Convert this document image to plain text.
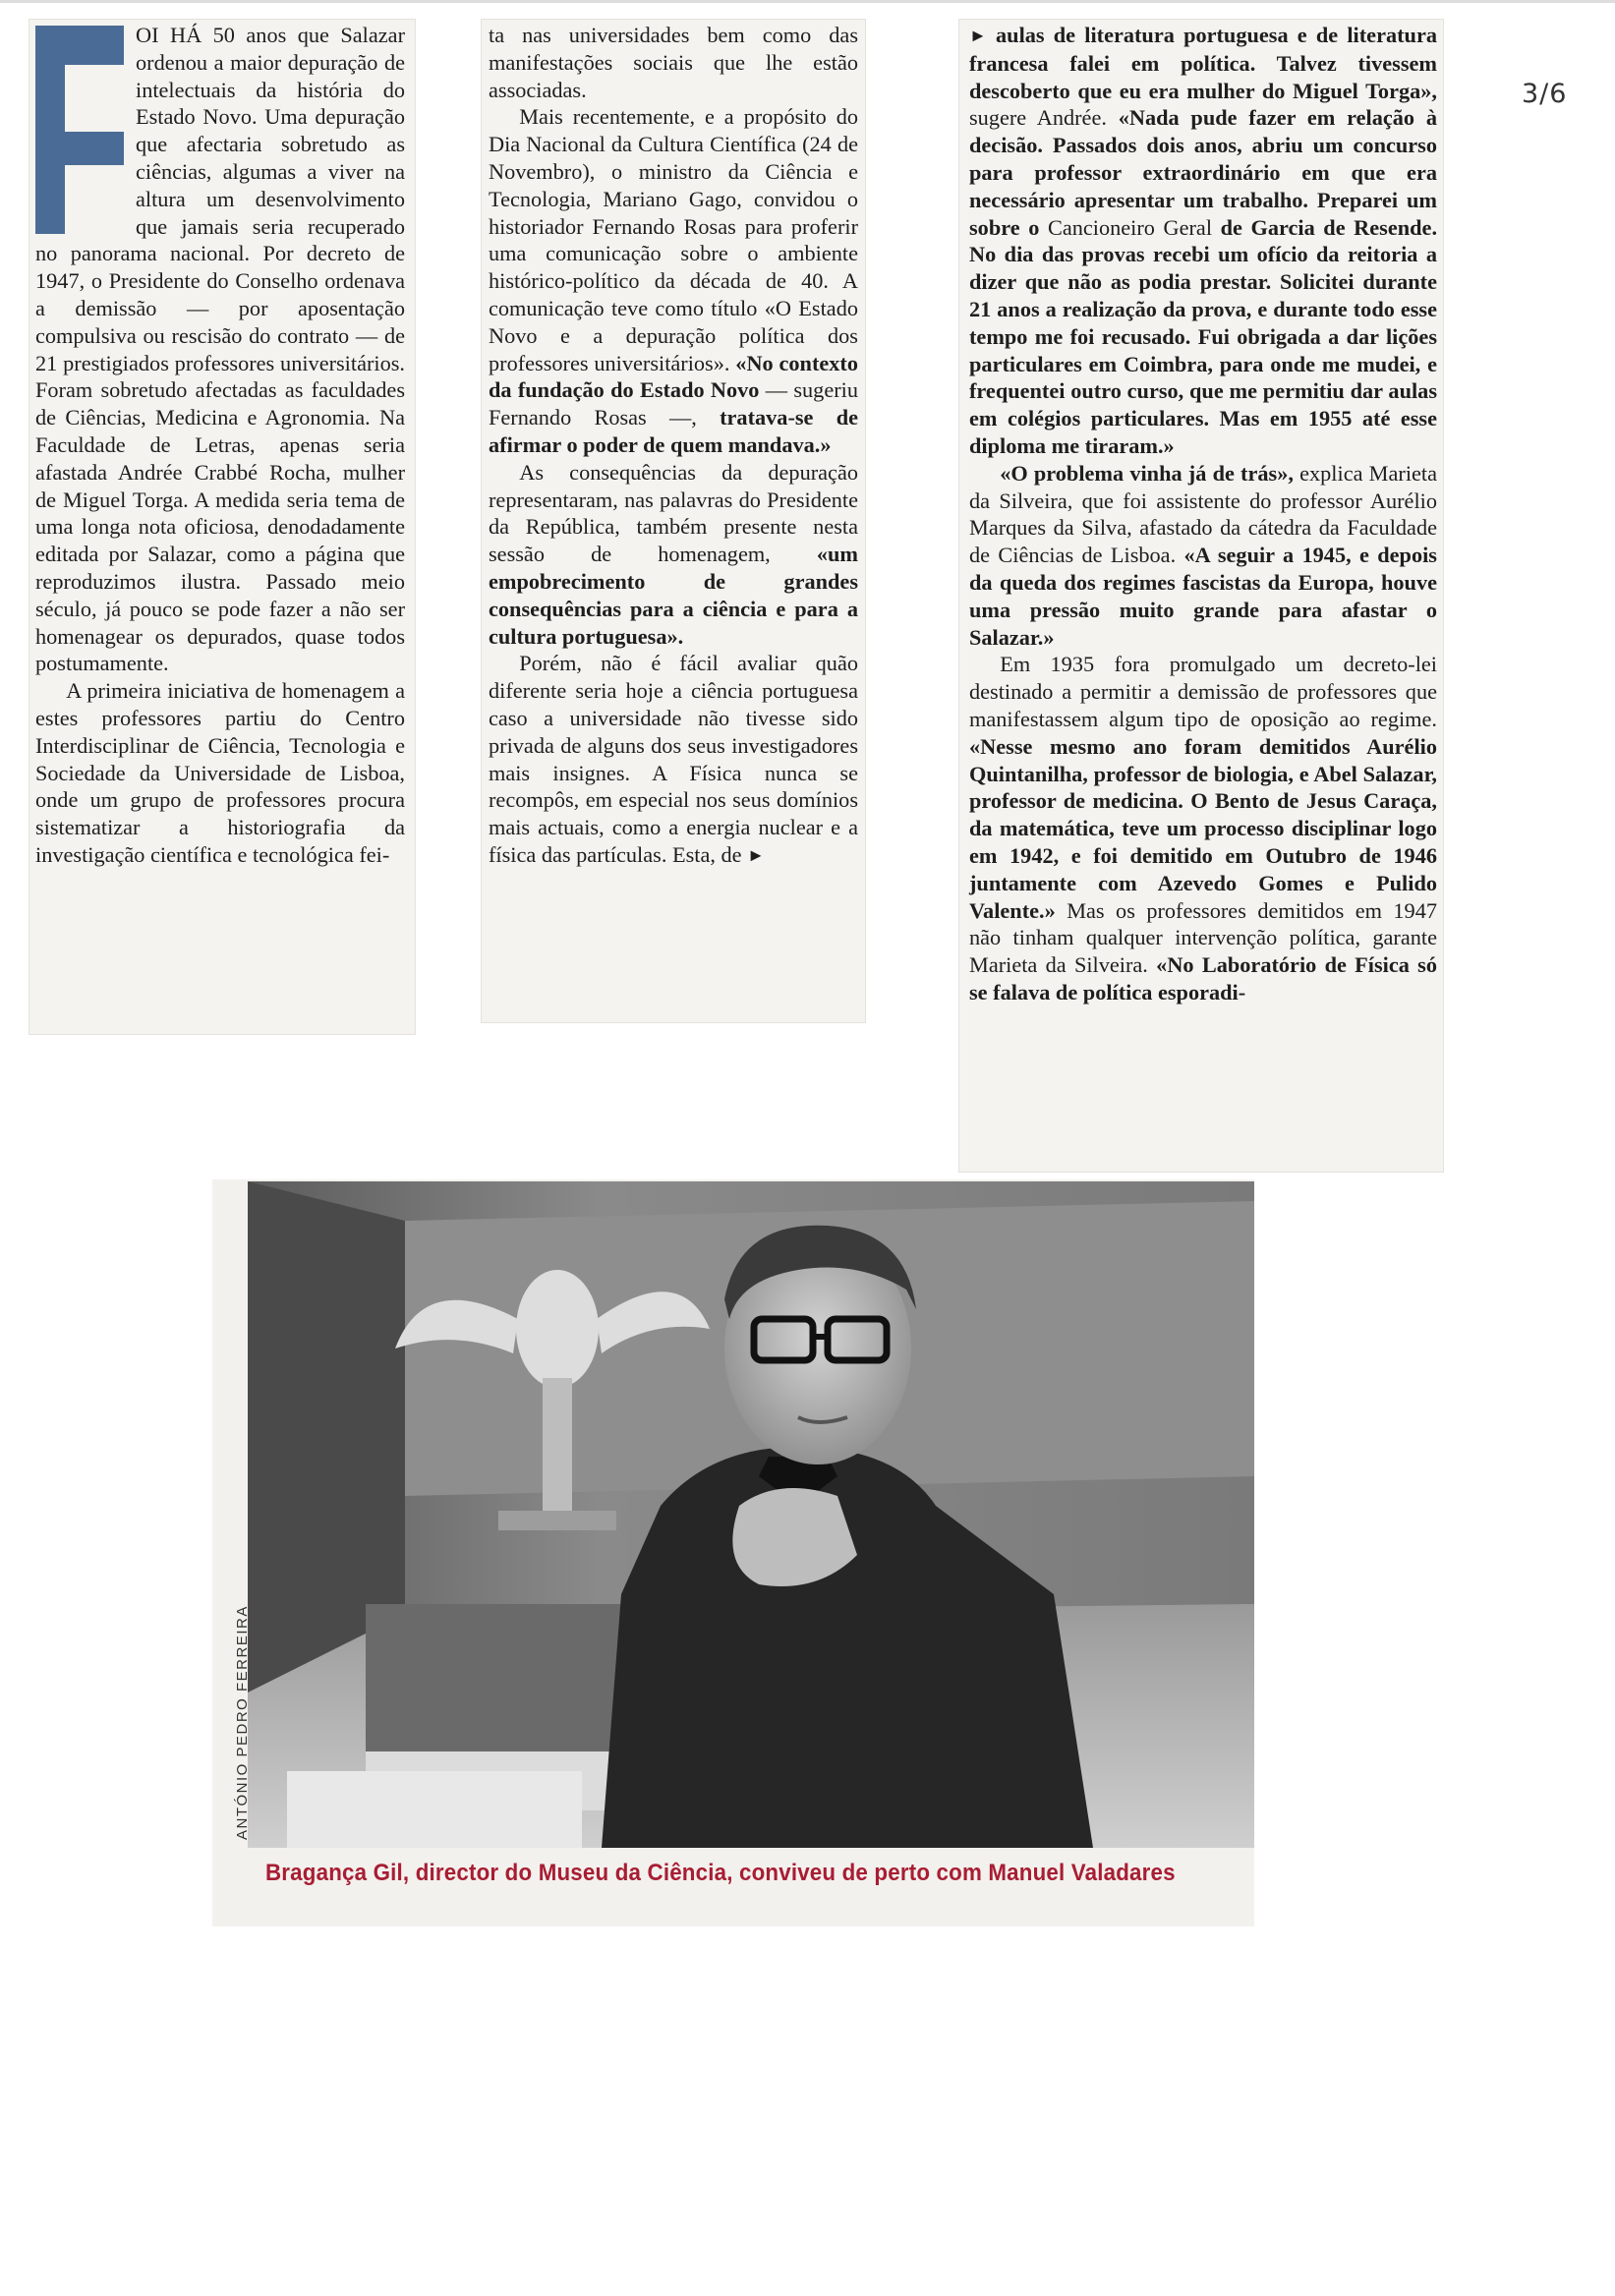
3/6

OI HÁ 50 anos que Salazar ordenou a maior depuração de intelectuais da história do Estado Novo. Uma depuração que afectaria sobretudo as ciências, algumas a viver na altura um desenvolvimento que jamais seria recuperado no panorama nacional. Por decreto de 1947, o Presidente do Conselho ordenava a demissão — por aposentação compulsiva ou rescisão do contrato — de 21 prestigiados professores universitários. Foram sobretudo afectadas as faculdades de Ciências, Medicina e Agronomia. Na Faculdade de Letras, apenas seria afastada Andrée Crabbé Rocha, mulher de Miguel Torga. A medida seria tema de uma longa nota oficiosa, denodadamente editada por Salazar, como a página que reproduzimos ilustra. Passado meio século, já pouco se pode fazer a não ser homenagear os depurados, quase todos postumamente.

A primeira iniciativa de homenagem a estes professores partiu do Centro Interdisciplinar de Ciência, Tecnologia e Sociedade da Universidade de Lisboa, onde um grupo de professores procura sistematizar a historiografia da investigação científica e tecnológica fei-

ta nas universidades bem como das manifestações sociais que lhe estão associadas.

Mais recentemente, e a propósito do Dia Nacional da Cultura Científica (24 de Novembro), o ministro da Ciência e Tecnologia, Mariano Gago, convidou o historiador Fernando Rosas para proferir uma comunicação sobre o ambiente histórico-político da década de 40. A comunicação teve como título «O Estado Novo e a depuração política dos professores universitários». «No contexto da fundação do Estado Novo — sugeriu Fernando Rosas —, tratava-se de afirmar o poder de quem mandava.»

As consequências da depuração representaram, nas palavras do Presidente da República, também presente nesta sessão de homenagem, «um empobrecimento de grandes consequências para a ciência e para a cultura portuguesa».

Porém, não é fácil avaliar quão diferente seria hoje a ciência portuguesa caso a universidade não tivesse sido privada de alguns dos seus investigadores mais insignes. A Física nunca se recompôs, em especial nos seus domínios mais actuais, como a energia nuclear e a física das partículas. Esta, de ►

► aulas de literatura portuguesa e de literatura francesa falei em política. Talvez tivessem descoberto que eu era mulher do Miguel Torga», sugere Andrée. «Nada pude fazer em relação à decisão. Passados dois anos, abriu um concurso para professor extraordinário em que era necessário apresentar um trabalho. Preparei um sobre o Cancioneiro Geral de Garcia de Resende. No dia das provas recebi um ofício da reitoria a dizer que não as podia prestar. Solicitei durante 21 anos a realização da prova, e durante todo esse tempo me foi recusado. Fui obrigada a dar lições particulares em Coimbra, para onde me mudei, e frequentei outro curso, que me permitiu dar aulas em colégios particulares. Mas em 1955 até esse diploma me tiraram.»

«O problema vinha já de trás», explica Marieta da Silveira, que foi assistente do professor Aurélio Marques da Silva, afastado da cátedra da Faculdade de Ciências de Lisboa. «A seguir a 1945, e depois da queda dos regimes fascistas da Europa, houve uma pressão muito grande para afastar o Salazar.»

Em 1935 fora promulgado um decreto-lei destinado a permitir a demissão de professores que manifestassem algum tipo de oposição ao regime. «Nesse mesmo ano foram demitidos Aurélio Quintanilha, professor de biologia, e Abel Salazar, professor de medicina. O Bento de Jesus Caraça, da matemática, teve um processo disciplinar logo em 1942, e foi demitido em Outubro de 1946 juntamente com Azevedo Gomes e Pulido Valente.» Mas os professores demitidos em 1947 não tinham qualquer intervenção política, garante Marieta da Silveira. «No Laboratório de Física só se falava de política esporadi-

ANTÓNIO PEDRO FERREIRA
Bragança Gil, director do Museu da Ciência, conviveu de perto com Manuel Valadares
